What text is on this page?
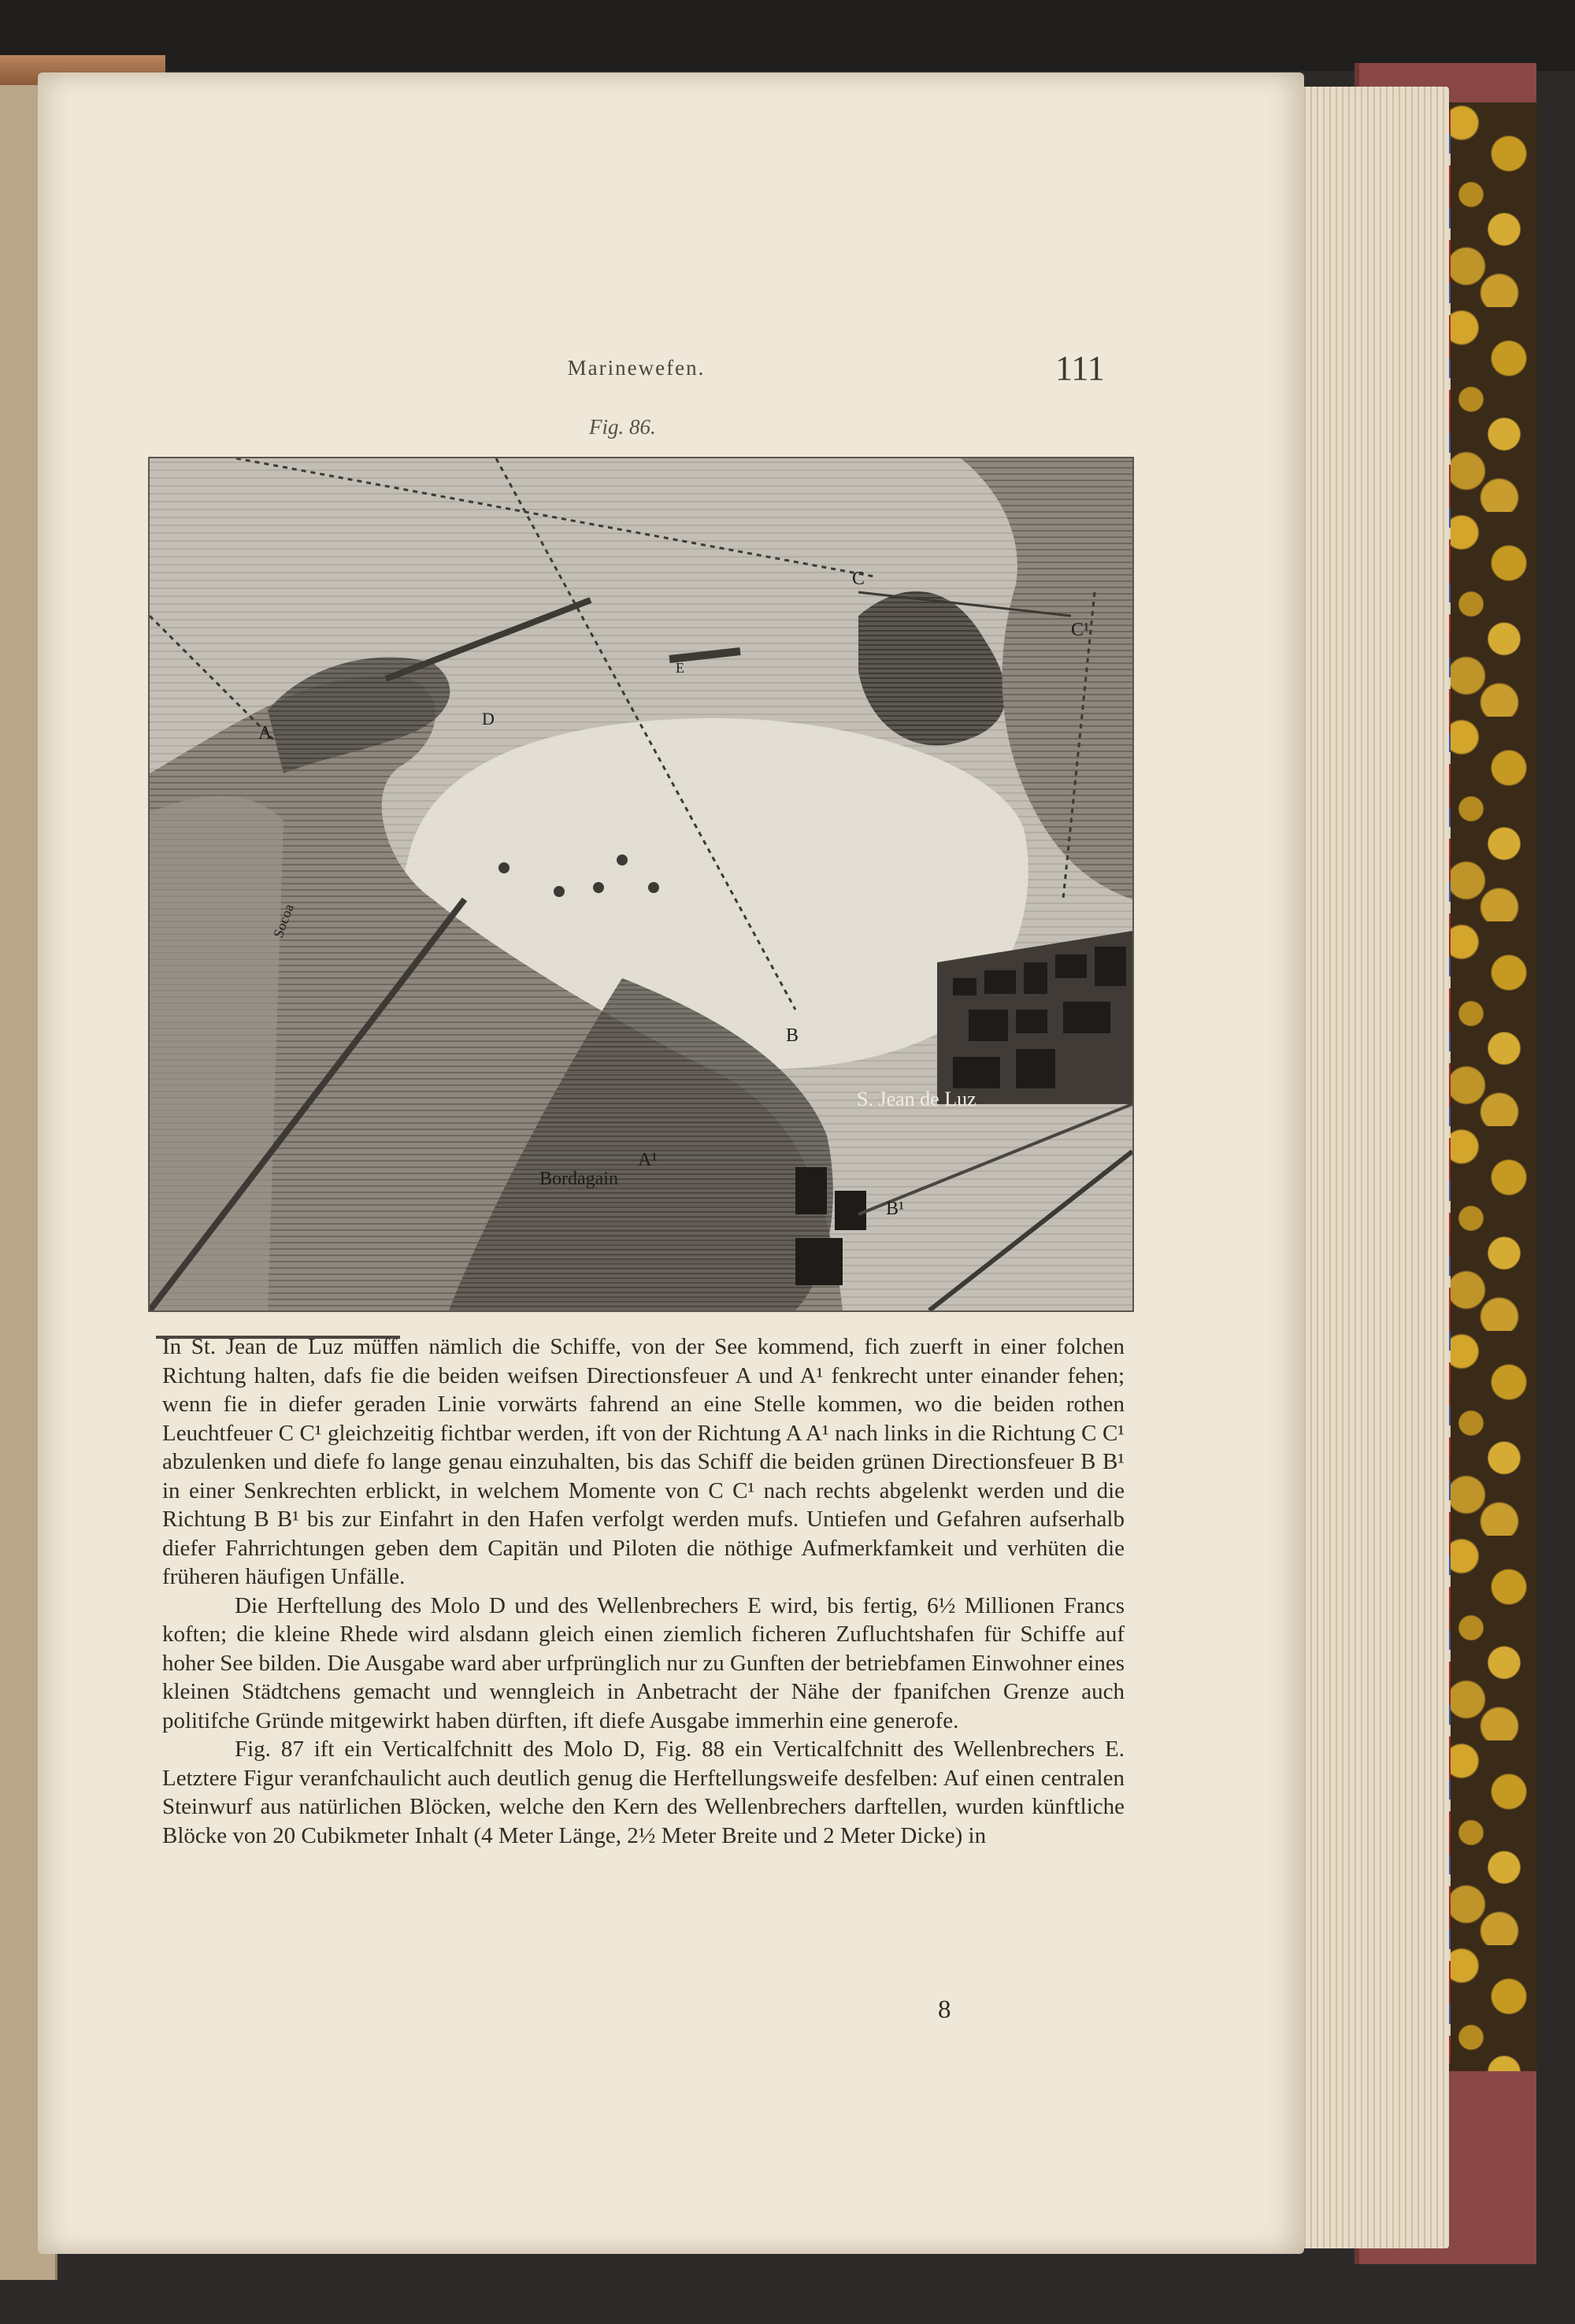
Marinewefen.	111
Fig. 86.
A
A¹
B
B¹
C
C¹
D
E
Socoa
Bordagain
S. Jean de Luz

In St. Jean de Luz müffen nämlich die Schiffe, von der See kommend, fich zuerft in einer folchen Richtung halten, dafs fie die beiden weifsen Directionsfeuer A und A¹ fenkrecht unter einander fehen; wenn fie in diefer geraden Linie vorwärts fahrend an eine Stelle kommen, wo die beiden rothen Leuchtfeuer C C¹ gleichzeitig fichtbar werden, ift von der Richtung A A¹ nach links in die Richtung C C¹ abzulenken und diefe fo lange genau einzuhalten, bis das Schiff die beiden grünen Directionsfeuer B B¹ in einer Senkrechten erblickt, in welchem Momente von C C¹ nach rechts abgelenkt werden und die Richtung B B¹ bis zur Einfahrt in den Hafen verfolgt werden mufs. Untiefen und Gefahren aufserhalb diefer Fahrrichtungen geben dem Capitän und Piloten die nöthige Aufmerkfamkeit und verhüten die früheren häufigen Unfälle.

Die Herftellung des Molo D und des Wellenbrechers E wird, bis fertig, 6½ Millionen Francs koften; die kleine Rhede wird alsdann gleich einen ziemlich ficheren Zufluchtshafen für Schiffe auf hoher See bilden. Die Ausgabe ward aber urfprünglich nur zu Gunften der betriebfamen Einwohner eines kleinen Städtchens gemacht und wenngleich in Anbetracht der Nähe der fpanifchen Grenze auch politifche Gründe mitgewirkt haben dürften, ift diefe Ausgabe immerhin eine generofe.

Fig. 87 ift ein Verticalfchnitt des Molo D, Fig. 88 ein Verticalfchnitt des Wellenbrechers E. Letztere Figur veranfchaulicht auch deutlich genug die Herftellungsweife desfelben: Auf einen centralen Steinwurf aus natürlichen Blöcken, welche den Kern des Wellenbrechers darftellen, wurden künftliche Blöcke von 20 Cubikmeter Inhalt (4 Meter Länge, 2½ Meter Breite und 2 Meter Dicke) in

8
